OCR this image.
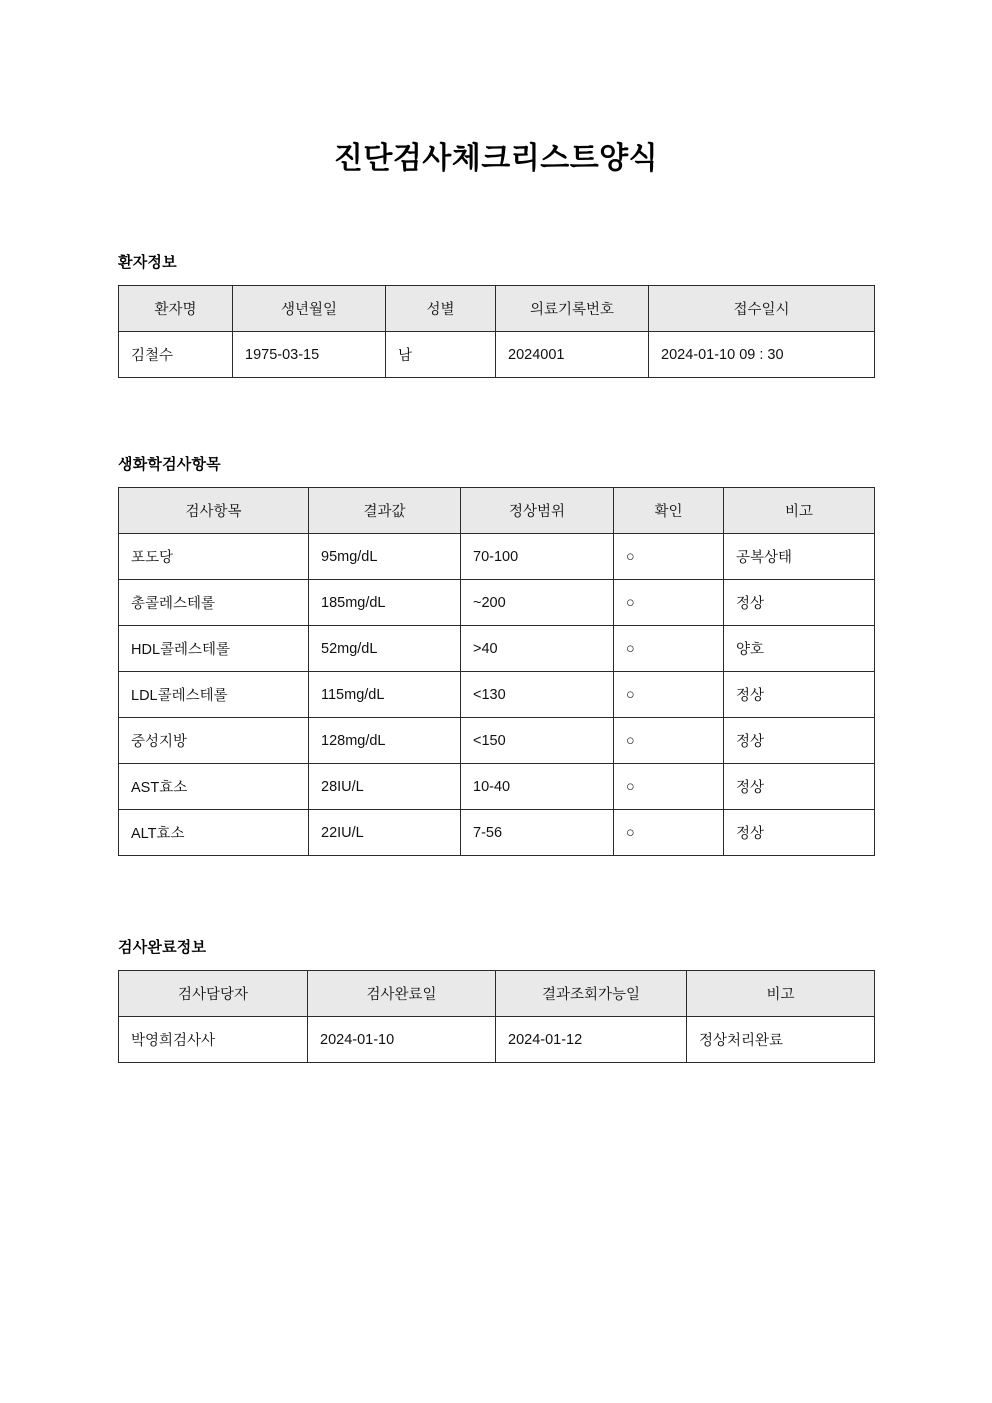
진단검사체크리스트양식
환자정보
환자명	생년월일	성별	의료기록번호	접수일시
김철수	1975-03-15	남	2024001	2024-01-10 09 : 30
생화학검사항목
검사항목	결과값	정상범위	확인	비고
포도당	95mg/dL	70-100	○	공복상태
총콜레스테롤	185mg/dL	~200	○	정상
HDL콜레스테롤	52mg/dL	>40	○	양호
LDL콜레스테롤	115mg/dL	<130	○	정상
중성지방	128mg/dL	<150	○	정상
AST효소	28IU/L	10-40	○	정상
ALT효소	22IU/L	7-56	○	정상
검사완료정보
검사담당자	검사완료일	결과조회가능일	비고
박영희검사사	2024-01-10	2024-01-12	정상처리완료
